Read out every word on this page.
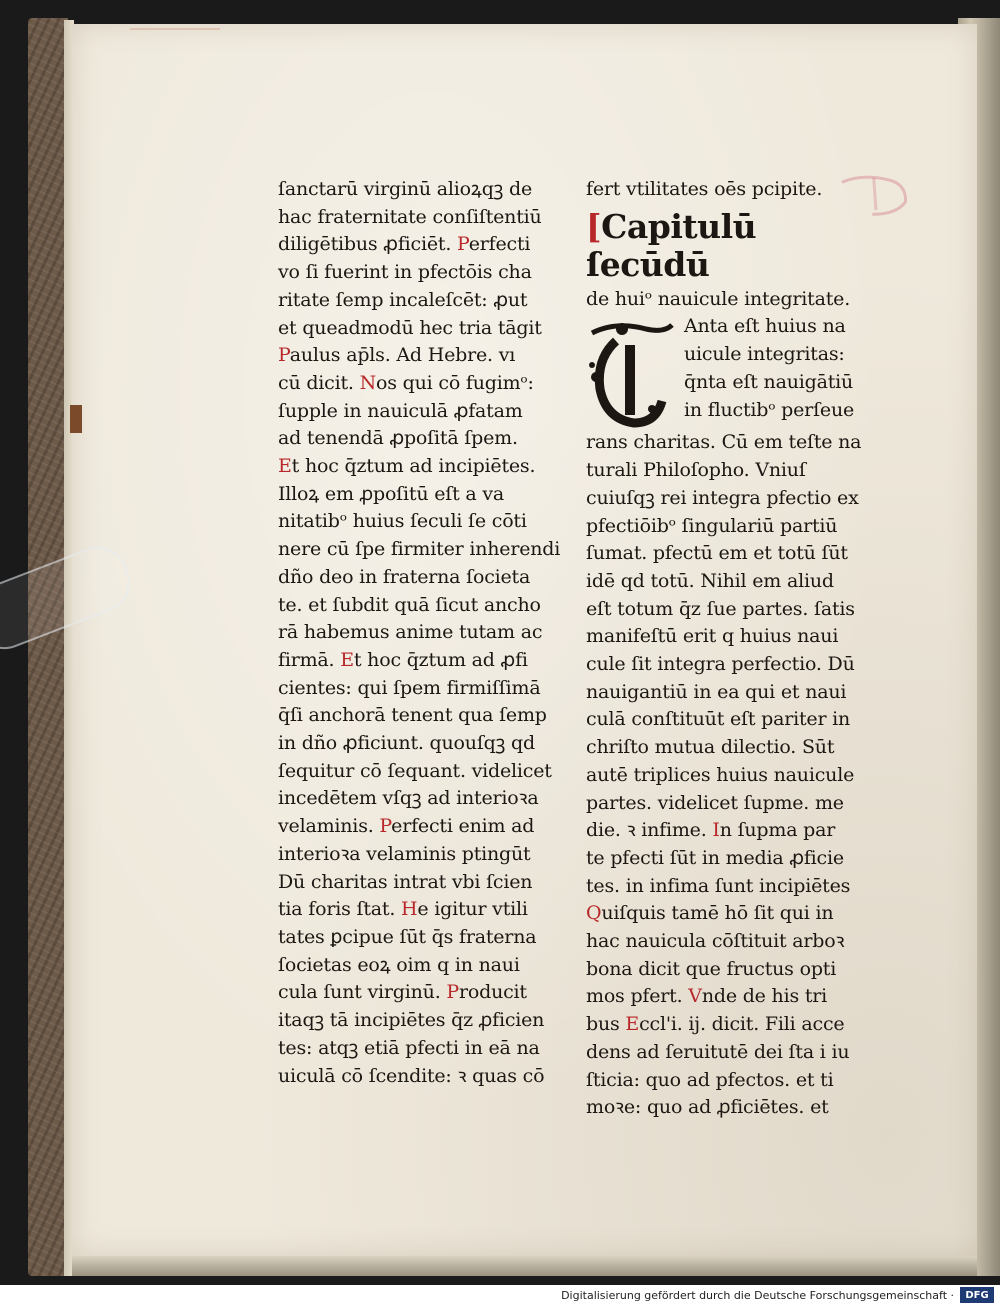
ſanctarū virginū alioꝝqꝫ de
hac fraternitate conſiſtentiū
diligētibus ꝓficiēt. Perfecti
vo ſi fuerint in pfectōis cha
ritate ſemp incaleſcēt: ꝓut
et queadmodū hec tria tāgit
Paulus ap̄ls. Ad Hebre. vı
cū dicit. Nos qui cō fugimᵒ:
ſupple in nauiculā ꝓfatam
ad tenendā ꝓpoſitā ſpem.
Et hoc q̄ztum ad incipiētes.
Illoꝝ em ꝓpoſitū eſt a va
nitatibᵒ huius ſeculi ſe cōti
nere cū ſpe firmiter inherendi
dño deo in fraterna ſocieta
te. et ſubdit quā ſicut ancho
rā habemus anime tutam ac
firmā. Et hoc q̄ztum ad ꝓfi
cientes: qui ſpem firmiſſimā
q̄ſi anchorā tenent qua ſemp
in dño ꝓficiunt. quouſqꝫ qd
ſequitur cō ſequant. videlicet
incedētem vſqꝫ ad interioꝛa
velaminis. Perfecti enim ad
interioꝛa velaminis ptingūt
Dū charitas intrat vbi ſcien
tia foris ſtat. He igitur vtili
tates ꝑcipue ſūt q̄s fraterna
ſocietas eoꝝ oim q in naui
cula ſunt virginū. Producit
itaqꝫ tā incipiētes q̄z ꝓficien
tes: atqꝫ etiā pfecti in eā na
uiculā cō ſcendite: ꝛ quas cō
fert vtilitates oēs pcipite.
[Capitulū ſecūdū
de huiᵒ nauicule integritate.
Anta eſt huius na
uicule integritas:
q̄nta eſt nauigātiū
in fluctibᵒ perſeue
rans charitas. Cū em teſte na
turali Philoſopho. Vniuſ
cuiuſqꝫ rei integra pfectio ex
pfectiōibᵒ ſingulariū partiū
ſumat. pfectū em et totū ſūt
idē qd totū. Nihil em aliud
eſt totum q̄z ſue partes. ſatis
manifeſtū erit q huius naui
cule ſit integra perfectio. Dū
nauigantiū in ea qui et naui
culā conſtituūt eſt pariter in
chriſto mutua dilectio. Sūt
autē triplices huius nauicule
partes. videlicet ſupme. me
die. ꝛ infime. In ſupma par
te pfecti ſūt in media ꝓficie
tes. in infima ſunt incipiētes
Quiſquis tamē hō ſit qui in
hac nauicula cōſtituit arboꝛ
bona dicit que fructus opti
mos pfert. Vnde de his tri
bus Eccl'i. ij. dicit. Fili acce
dens ad ſeruitutē dei ſta i iu
ſticia: quo ad pfectos. et ti
moꝛe: quo ad ꝓficiētes. et
Digitalisierung gefördert durch die Deutsche Forschungsgemeinschaft ·	DFG
